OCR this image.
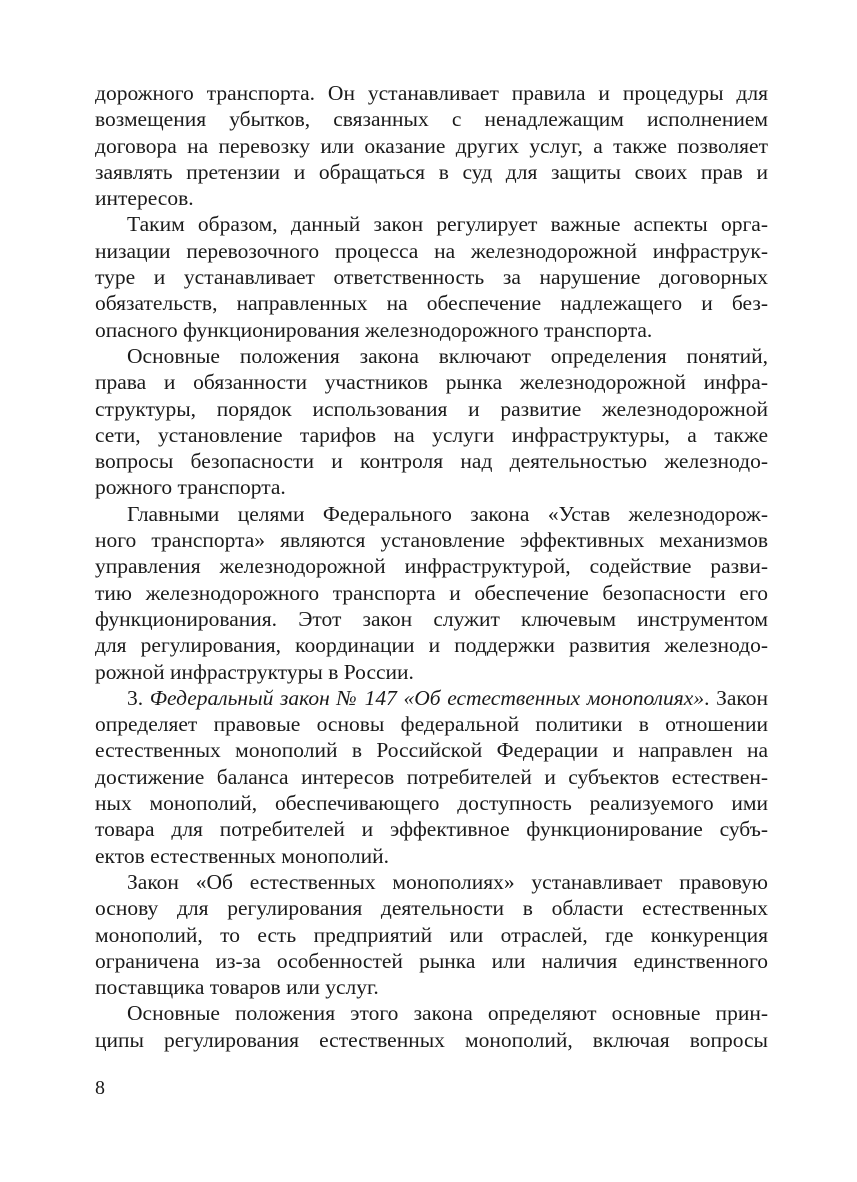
дорожного транспорта. Он устанавливает правила и процедуры для
возмещения убытков, связанных с ненадлежащим исполнением
договора на перевозку или оказание других услуг, а также позволяет
заявлять претензии и обращаться в суд для защиты своих прав и
интересов.

Таким образом, данный закон регулирует важные аспекты орга-
низации перевозочного процесса на железнодорожной инфраструк-
туре и устанавливает ответственность за нарушение договорных
обязательств, направленных на обеспечение надлежащего и без-
опасного функционирования железнодорожного транспорта.

Основные положения закона включают определения понятий,
права и обязанности участников рынка железнодорожной инфра-
структуры, порядок использования и развитие железнодорожной
сети, установление тарифов на услуги инфраструктуры, а также
вопросы безопасности и контроля над деятельностью железнодо-
рожного транспорта.

Главными целями Федерального закона «Устав железнодорож-
ного транспорта» являются установление эффективных механизмов
управления железнодорожной инфраструктурой, содействие разви-
тию железнодорожного транспорта и обеспечение безопасности его
функционирования. Этот закон служит ключевым инструментом
для регулирования, координации и поддержки развития железнодо-
рожной инфраструктуры в России.

3. Федеральный закон № 147 «Об естественных монополиях». Закон
определяет правовые основы федеральной политики в отношении
естественных монополий в Российской Федерации и направлен на
достижение баланса интересов потребителей и субъектов естествен-
ных монополий, обеспечивающего доступность реализуемого ими
товара для потребителей и эффективное функционирование субъ-
ектов естественных монополий.

Закон «Об естественных монополиях» устанавливает правовую
основу для регулирования деятельности в области естественных
монополий, то есть предприятий или отраслей, где конкуренция
ограничена из-за особенностей рынка или наличия единственного
поставщика товаров или услуг.

Основные положения этого закона определяют основные прин-
ципы регулирования естественных монополий, включая вопросы

8
